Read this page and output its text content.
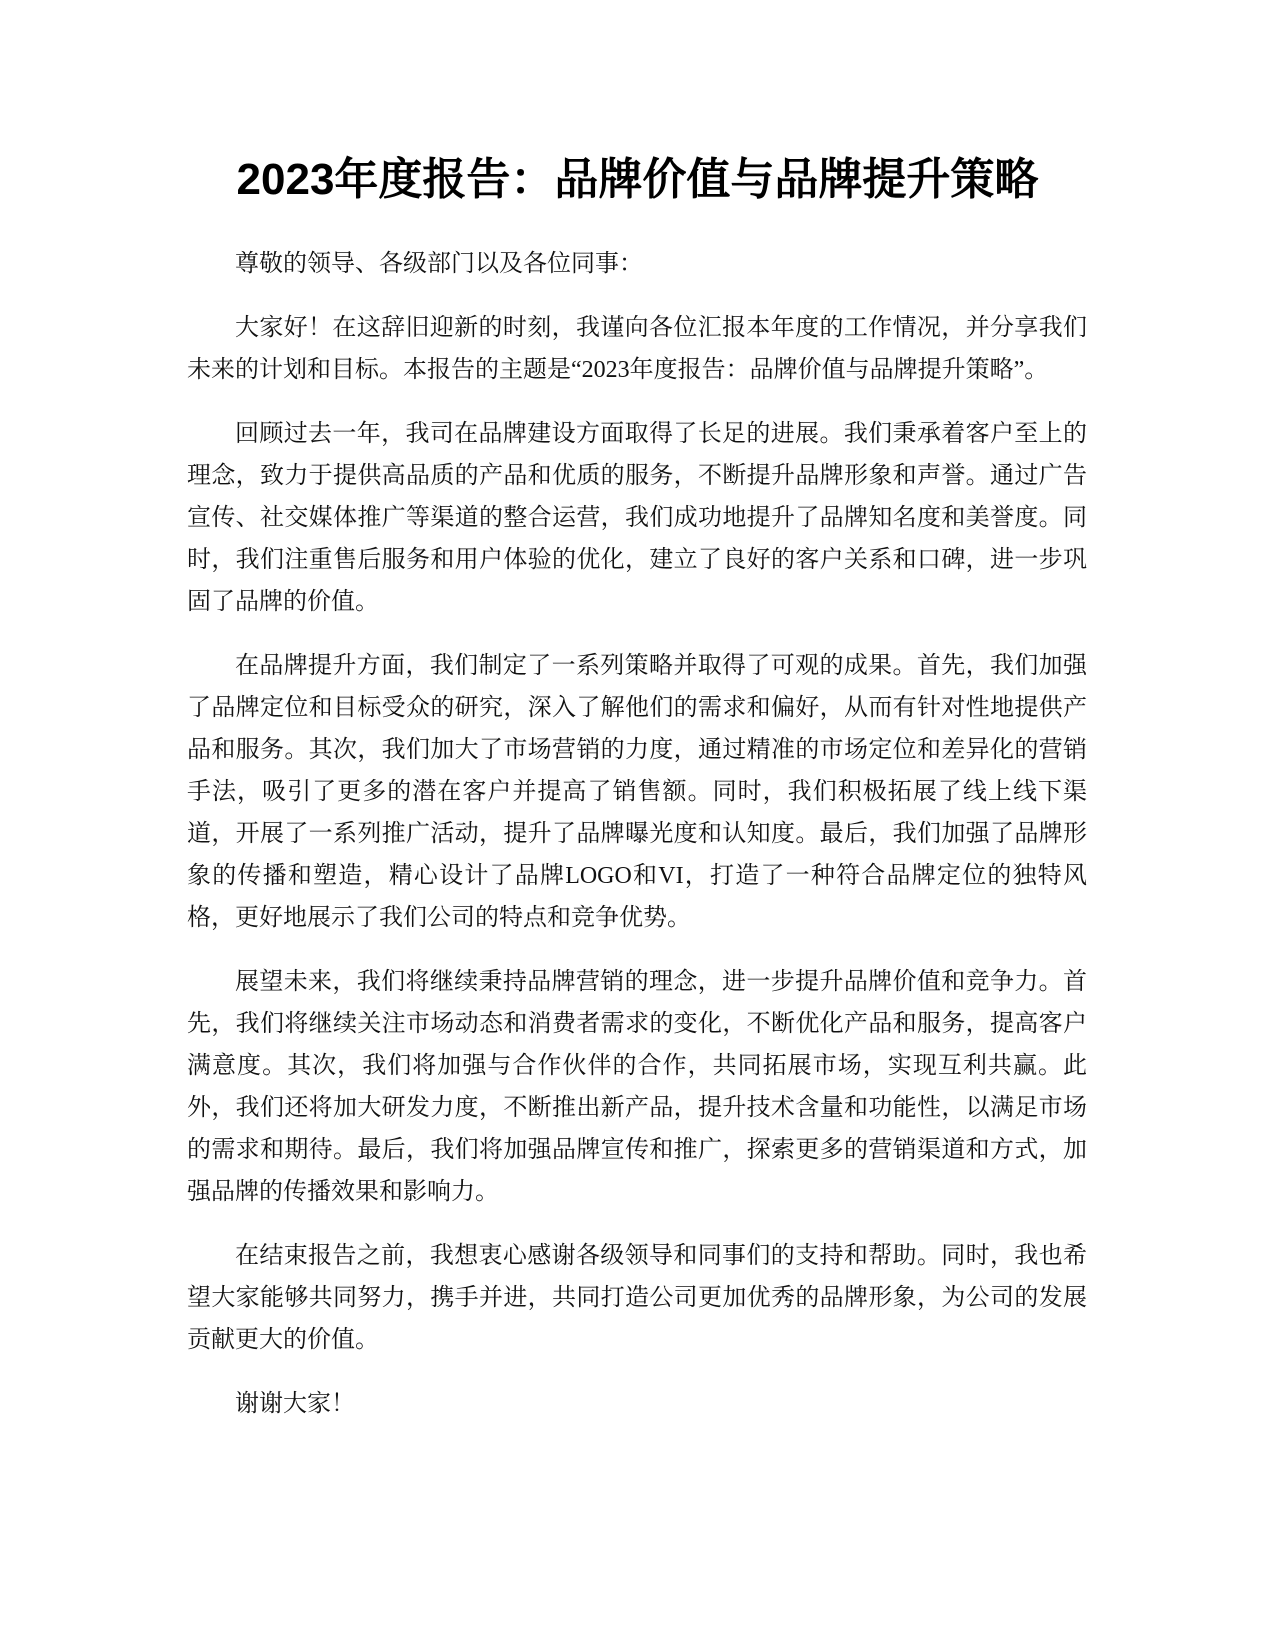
2023年度报告：品牌价值与品牌提升策略

尊敬的领导、各级部门以及各位同事：

大家好！在这辞旧迎新的时刻，我谨向各位汇报本年度的工作情况，并分享我们未来的计划和目标。本报告的主题是“2023年度报告：品牌价值与品牌提升策略”。

回顾过去一年，我司在品牌建设方面取得了长足的进展。我们秉承着客户至上的理念，致力于提供高品质的产品和优质的服务，不断提升品牌形象和声誉。通过广告宣传、社交媒体推广等渠道的整合运营，我们成功地提升了品牌知名度和美誉度。同时，我们注重售后服务和用户体验的优化，建立了良好的客户关系和口碑，进一步巩固了品牌的价值。

在品牌提升方面，我们制定了一系列策略并取得了可观的成果。首先，我们加强了品牌定位和目标受众的研究，深入了解他们的需求和偏好，从而有针对性地提供产品和服务。其次，我们加大了市场营销的力度，通过精准的市场定位和差异化的营销手法，吸引了更多的潜在客户并提高了销售额。同时，我们积极拓展了线上线下渠道，开展了一系列推广活动，提升了品牌曝光度和认知度。最后，我们加强了品牌形象的传播和塑造，精心设计了品牌LOGO和VI，打造了一种符合品牌定位的独特风格，更好地展示了我们公司的特点和竞争优势。

展望未来，我们将继续秉持品牌营销的理念，进一步提升品牌价值和竞争力。首先，我们将继续关注市场动态和消费者需求的变化，不断优化产品和服务，提高客户满意度。其次，我们将加强与合作伙伴的合作，共同拓展市场，实现互利共赢。此外，我们还将加大研发力度，不断推出新产品，提升技术含量和功能性，以满足市场的需求和期待。最后，我们将加强品牌宣传和推广，探索更多的营销渠道和方式，加强品牌的传播效果和影响力。

在结束报告之前，我想衷心感谢各级领导和同事们的支持和帮助。同时，我也希望大家能够共同努力，携手并进，共同打造公司更加优秀的品牌形象，为公司的发展贡献更大的价值。

谢谢大家！
